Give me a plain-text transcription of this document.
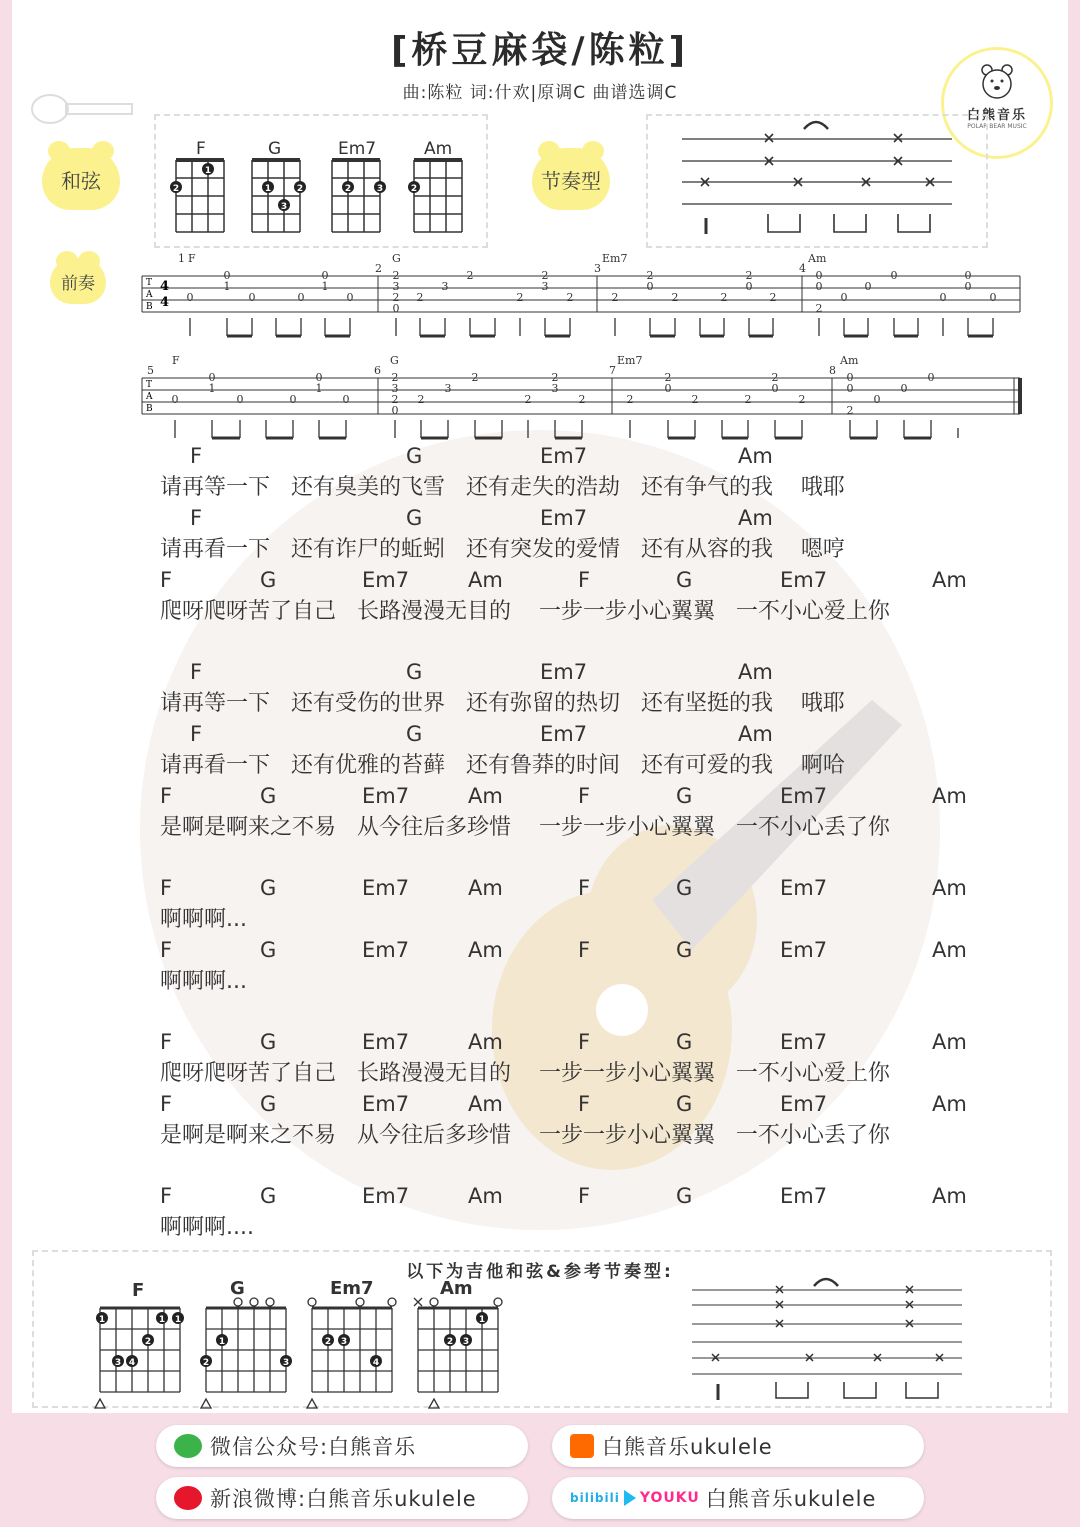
[桥豆麻袋/陈粒]
曲:陈粒 词:什欢|原调C 曲谱选调C
白熊音乐
POLAR BEAR MUSIC
和弦	节奏型
前奏
2
1
1	2
3
2	3	2
F	G	Em7	Am
T
A
B
4
4 0
0
1
0	0
0
1
0
2
3
2
0
2
3
2
2
2
3
2	2
2
0
2	2
2
0
2
0
0
2
0
0
0
0
0
0
0
1
2	3	4
F	G	Em7	Am
T
A
B
0
0
1
0	0
0
1
0
2
3
2
0
2
3
2
2
2
3
2	2
2
0
2	2
2
0
2
0
0
2
0
0
0
5	6	7	8
F	G	Em7	Am
F	G	Em7	Am
请再等一下   还有臭美的飞雪   还有走失的浩劫   还有争气的我    哦耶
F	G	Em7	Am
请再看一下   还有诈尸的蚯蚓   还有突发的爱情   还有从容的我    嗯哼
F	G	Em7	Am	F	G	Em7	Am
爬呀爬呀苦了自己   长路漫漫无目的    一步一步小心翼翼   一不小心爱上你
F	G	Em7	Am
请再等一下   还有受伤的世界   还有弥留的热切   还有坚挺的我    哦耶
F	G	Em7	Am
请再看一下   还有优雅的苔藓   还有鲁莽的时间   还有可爱的我    啊哈
F	G	Em7	Am	F	G	Em7	Am
是啊是啊来之不易   从今往后多珍惜    一步一步小心翼翼   一不小心丢了你
F	G	Em7	Am	F	G	Em7	Am
啊啊啊...
F	G	Em7	Am	F	G	Em7	Am
啊啊啊...
F	G	Em7	Am	F	G	Em7	Am
爬呀爬呀苦了自己   长路漫漫无目的    一步一步小心翼翼   一不小心爱上你
F	G	Em7	Am	F	G	Em7	Am
是啊是啊来之不易   从今往后多珍惜    一步一步小心翼翼   一不小心丢了你
F	G	Em7	Am	F	G	Em7	Am
啊啊啊....
以下为吉他和弦&参考节奏型:
1	1 1
2
3 4
1
2	3
2 3
4
1
2 3
F	G	Em7	Am
微信公众号:白熊音乐	白熊音乐ukulele
新浪微博:白熊音乐ukulele	bilibili YOUKU 白熊音乐ukulele
